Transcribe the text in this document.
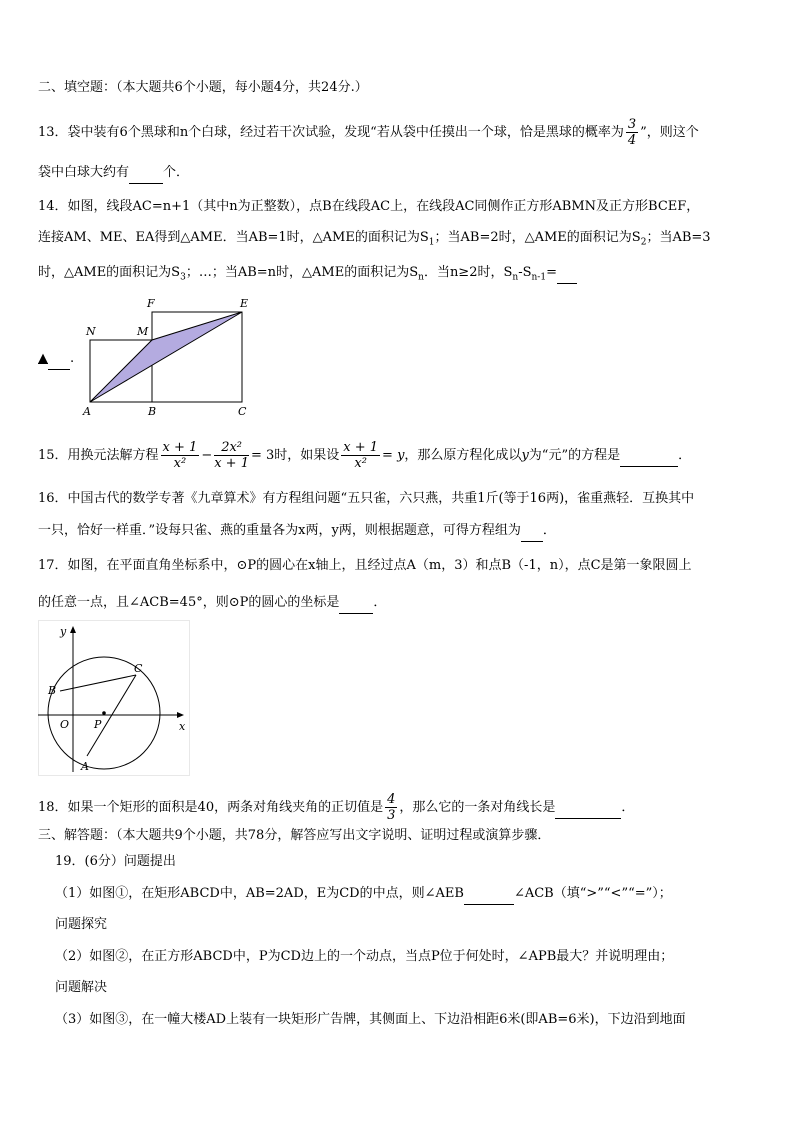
二、填空题：（本大题共6个小题，每小题4分，共24分.）
13．袋中装有6个黑球和n个白球，经过若干次试验，发现“若从袋中任摸出一个球，恰是黑球的概率为 $\frac{3}{4}$ ”，则这个
袋中白球大约有	个．
14．如图，线段AC=n+1（其中n为正整数），点B在线段AC上，在线段AC同侧作正方形ABMN及正方形BCEF，
连接AM、ME、EA得到△AME．当AB=1时，△AME的面积记为$S_1$；当AB=2时，△AME的面积记为$S_2$；当AB=3
时，△AME的面积记为$S_3$；…；当AB=n时，△AME的面积记为$S_n$．当n≥2时，$S_n-S_{n-1}=$
▲ .
N	M
F	E
A	B	C
15．用换元法解方程 $\frac{x + 1}{\text{x²}} - \frac{\text{2x²}}{x + 1} = 3$时，如果设 $\frac{x + 1}{\text{x²}} = y$，那么原方程化成以y为“元”的方程是	．
16．中国古代的数学专著《九章算术》有方程组问题“五只雀，六只燕，共重1斤(等于16两)，雀重燕轻．互换其中
一只，恰好一样重．”设每只雀、燕的重量各为x两，y两，则根据题意，可得方程组为 ．
17．如图，在平面直角坐标系中，⊙P的圆心在x轴上，且经过点A（m，3）和点B（-1，n），点C是第一象限圆上
的任意一点，且∠ACB=45°，则⊙P的圆心的坐标是	．
y
x
O P
B
C
A
18．如果一个矩形的面积是40，两条对角线夹角的正切值是 $\frac{4}{3}$ ，那么它的一条对角线长是	．
三、解答题：（本大题共9个小题，共78分，解答应写出文字说明、证明过程或演算步骤．
19．(6分）问题提出
（1）如图①，在矩形ABCD中，AB=2AD，E为CD的中点，则∠AEB	∠ACB（填“>”“<”“=”）；
问题探究
（2）如图②，在正方形ABCD中，P为CD边上的一个动点，当点P位于何处时，∠APB最大？并说明理由；
问题解决
（3）如图③，在一幢大楼AD上装有一块矩形广告牌，其侧面上、下边沿相距6米(即AB=6米)，下边沿到地面
